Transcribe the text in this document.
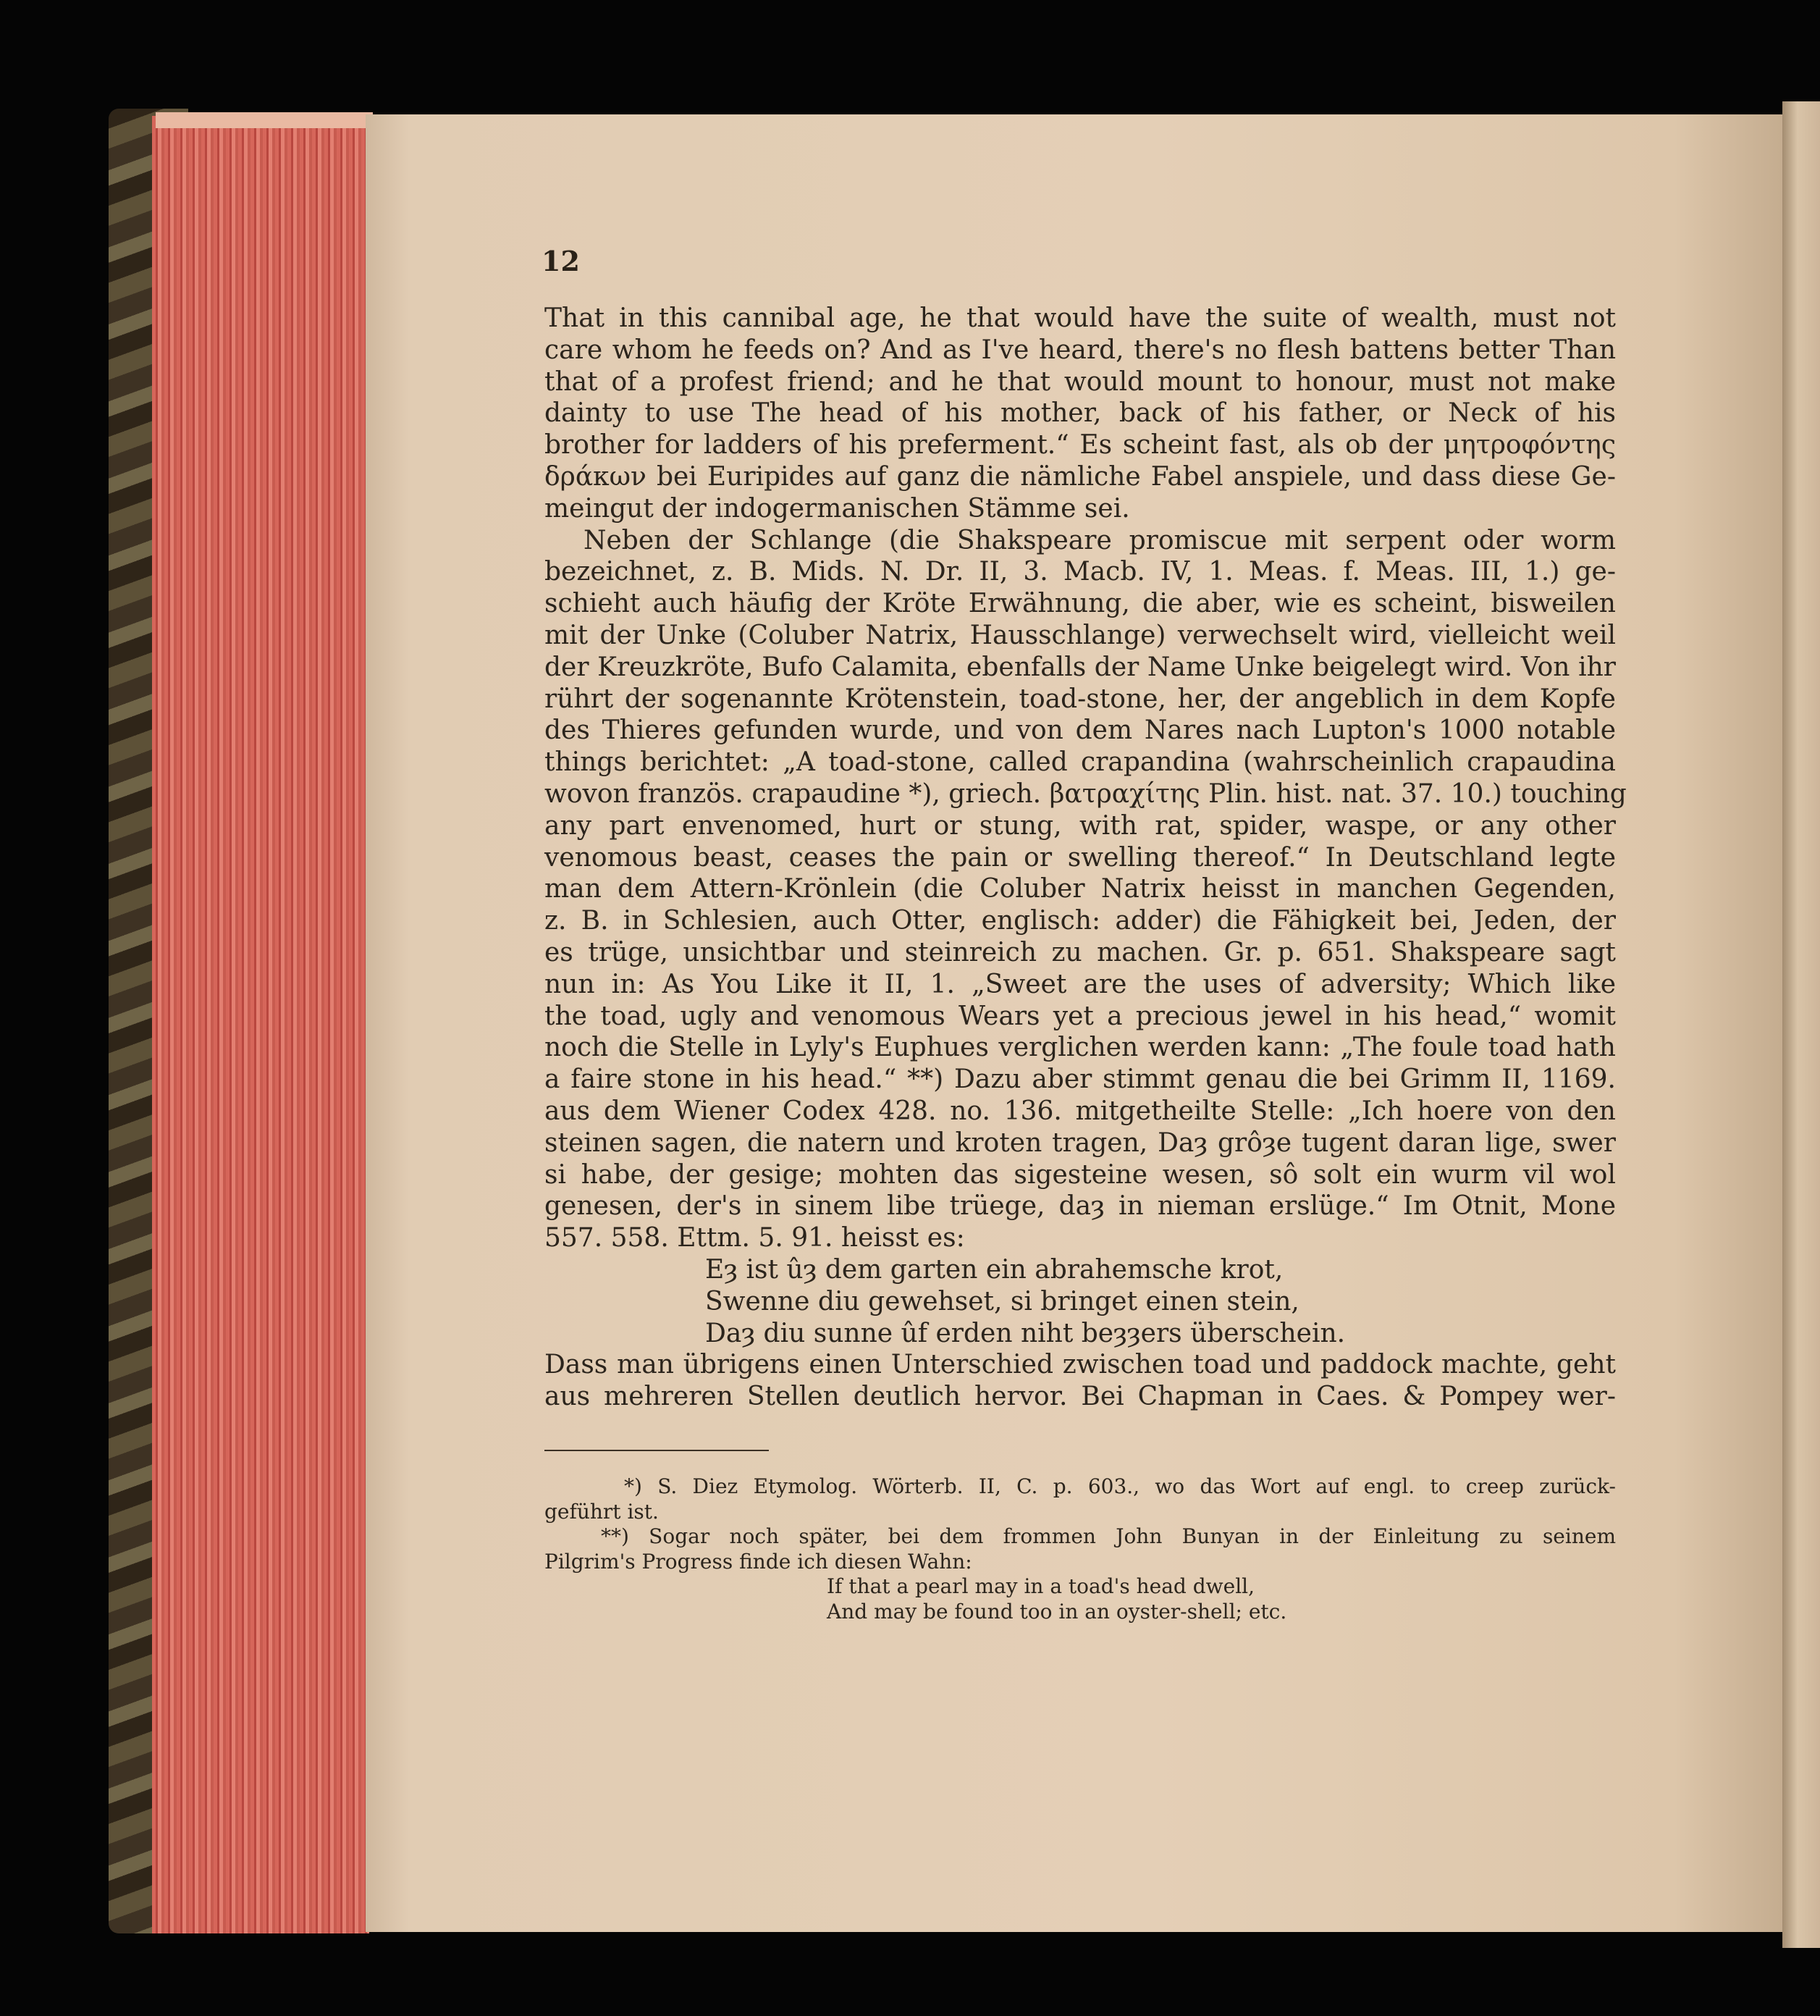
12
That in this cannibal age, he that would have the suite of wealth, must not
care whom he feeds on? And as I've heard, there's no flesh battens better Than
that of a profest friend; and he that would mount to honour, must not make
dainty to use The head of his mother, back of his father, or Neck of his
brother for ladders of his preferment.“ Es scheint fast, als ob der μητροφόντης
δράκων bei Euripides auf ganz die nämliche Fabel anspiele, und dass diese Ge-
meingut der indogermanischen Stämme sei.
Neben der Schlange (die Shakspeare promiscue mit serpent oder worm
bezeichnet, z. B. Mids. N. Dr. II, 3. Macb. IV, 1. Meas. f. Meas. III, 1.) ge-
schieht auch häufig der Kröte Erwähnung, die aber, wie es scheint, bisweilen
mit der Unke (Coluber Natrix, Hausschlange) verwechselt wird, vielleicht weil
der Kreuzkröte, Bufo Calamita, ebenfalls der Name Unke beigelegt wird. Von ihr
rührt der sogenannte Krötenstein, toad-stone, her, der angeblich in dem Kopfe
des Thieres gefunden wurde, und von dem Nares nach Lupton's 1000 notable
things berichtet: „A toad-stone, called crapandina (wahrscheinlich crapaudina
wovon französ. crapaudine *), griech. βατραχίτης Plin. hist. nat. 37. 10.) touching
any part envenomed, hurt or stung, with rat, spider, waspe, or any other
venomous beast, ceases the pain or swelling thereof.“ In Deutschland legte
man dem Attern-Krönlein (die Coluber Natrix heisst in manchen Gegenden,
z. B. in Schlesien, auch Otter, englisch: adder) die Fähigkeit bei, Jeden, der
es trüge, unsichtbar und steinreich zu machen. Gr. p. 651. Shakspeare sagt
nun in: As You Like it II, 1. „Sweet are the uses of adversity; Which like
the toad, ugly and venomous Wears yet a precious jewel in his head,“ womit
noch die Stelle in Lyly's Euphues verglichen werden kann: „The foule toad hath
a faire stone in his head.“ **) Dazu aber stimmt genau die bei Grimm II, 1169.
aus dem Wiener Codex 428. no. 136. mitgetheilte Stelle: „Ich hoere von den
steinen sagen, die natern und kroten tragen, Daȝ grôȝe tugent daran lige, swer
si habe, der gesige; mohten das sigesteine wesen, sô solt ein wurm vil wol
genesen, der's in sinem libe trüege, daȝ in nieman erslüge.“ Im Otnit, Mone
557. 558. Ettm. 5. 91. heisst es:
Eȝ ist ûȝ dem garten ein abrahemsche krot,
Swenne diu gewehset, si bringet einen stein,
Daȝ diu sunne ûf erden niht beȝȝers überschein.
Dass man übrigens einen Unterschied zwischen toad und paddock machte, geht
aus mehreren Stellen deutlich hervor. Bei Chapman in Caes. & Pompey wer-
*) S. Diez Etymolog. Wörterb. II, C. p. 603., wo das Wort auf engl. to creep zurück-
geführt ist.
**) Sogar noch später, bei dem frommen John Bunyan in der Einleitung zu seinem
Pilgrim's Progress finde ich diesen Wahn:
If that a pearl may in a toad's head dwell,
And may be found too in an oyster-shell; etc.
